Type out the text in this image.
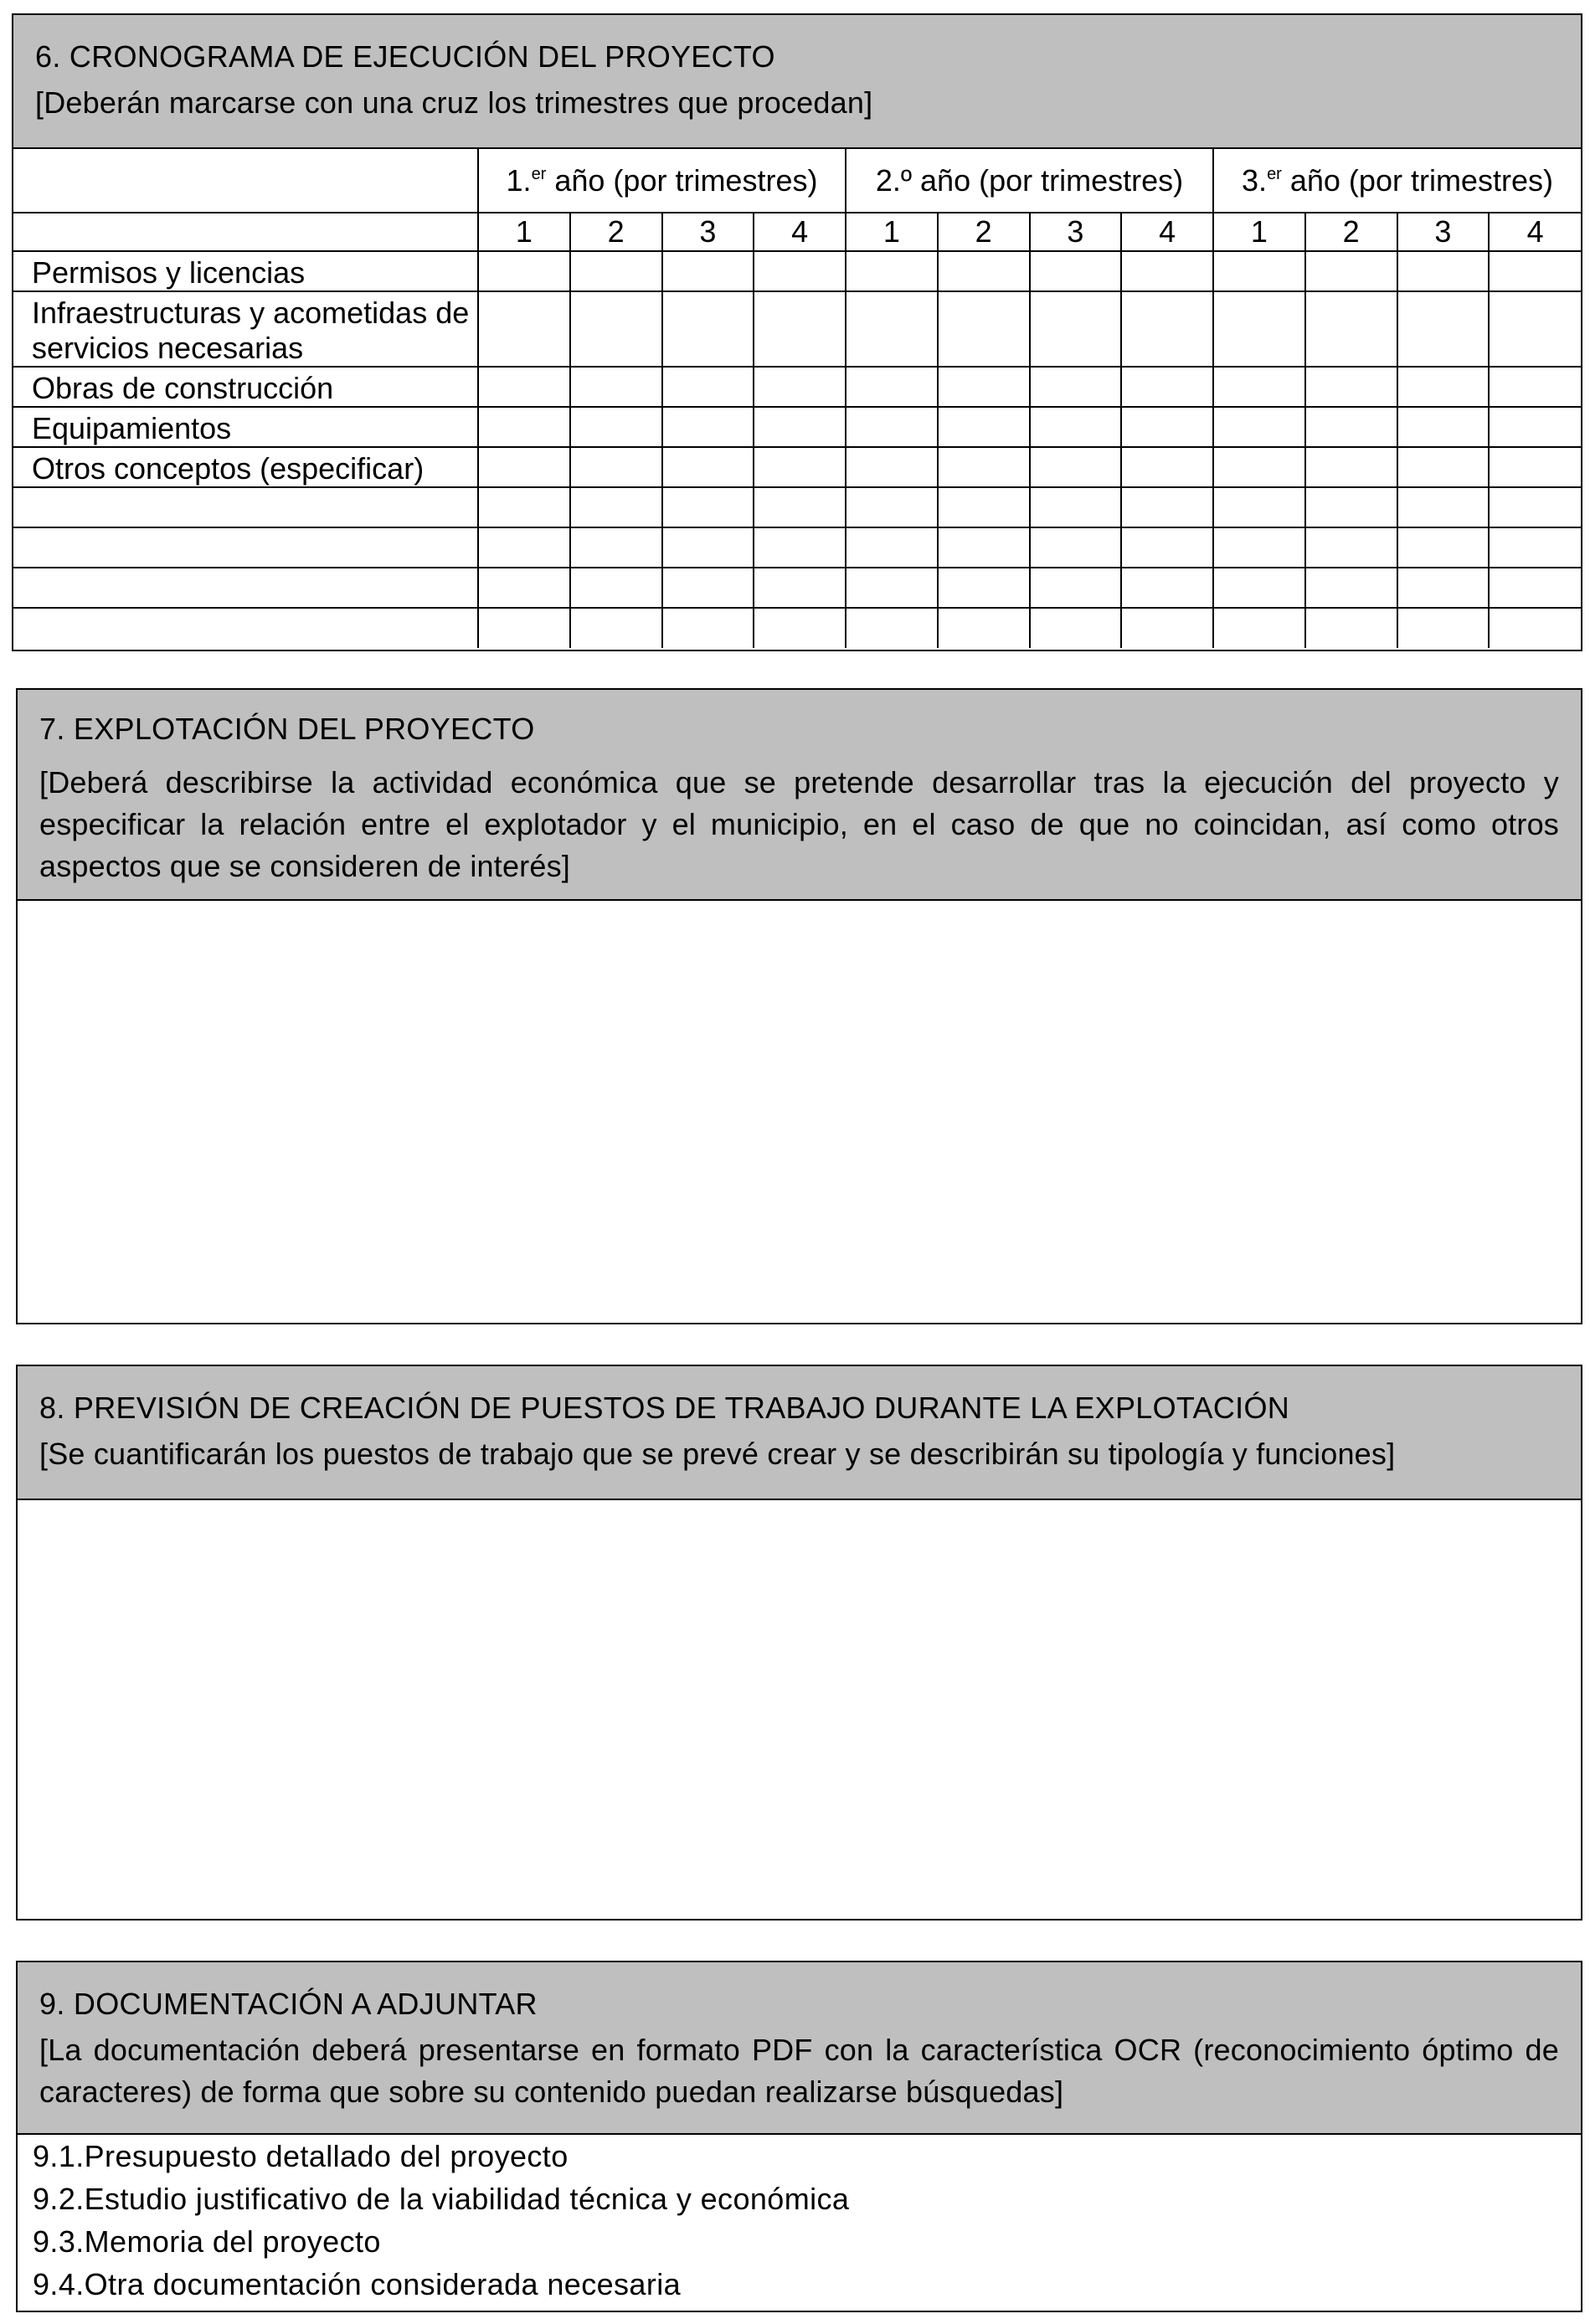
6. CRONOGRAMA DE EJECUCIÓN DEL PROYECTO
[Deberán marcarse con una cruz los trimestres que procedan]
	1.$^{er}$ año (por trimestres)				2.º año (por trimestres)				3.$^{er}$ año (por trimestres)			
	1	2	3	4	1	2	3	4	1	2	3	4
Permisos y licencias												
Infraestructuras y acometidas de servicios necesarias												
Obras de construcción												
Equipamientos												
Otros conceptos (especificar)												

7. EXPLOTACIÓN DEL PROYECTO
[Deberá describirse la actividad económica que se pretende desarrollar tras la ejecución del proyecto y especificar la relación entre el explotador y el municipio, en el caso de que no coincidan, así como otros aspectos que se consideren de interés]
8. PREVISIÓN DE CREACIÓN DE PUESTOS DE TRABAJO DURANTE LA EXPLOTACIÓN
[Se cuantificarán los puestos de trabajo que se prevé crear y se describirán su tipología y funciones]
9. DOCUMENTACIÓN A ADJUNTAR
[La documentación deberá presentarse en formato PDF con la característica OCR (reconocimiento óptimo de caracteres) de forma que sobre su contenido puedan realizarse búsquedas]
9.1.Presupuesto detallado del proyecto
9.2.Estudio justificativo de la viabilidad técnica y económica
9.3.Memoria del proyecto
9.4.Otra documentación considerada necesaria
